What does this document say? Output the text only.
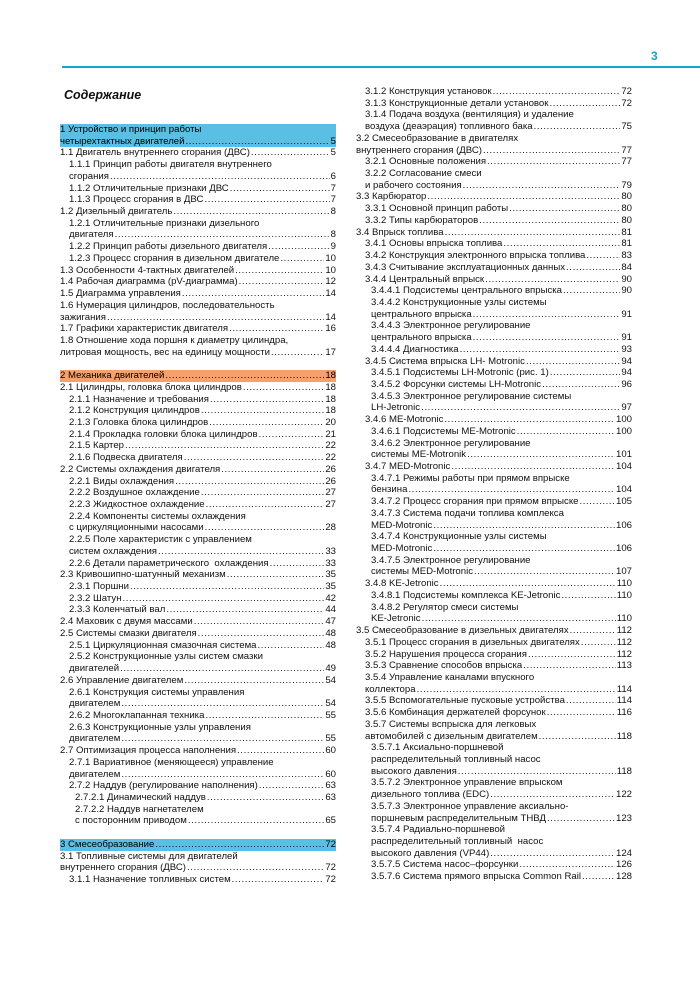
3
Содержание
1 Устройство и принцип работы
четырехтактных двигателей .....	5
1.1 Двигатель внутреннего сгорания (ДВС) .....	5
1.1.1 Принцип работы двигателя внутреннего
сгорания .....	6
1.1.2 Отличительные признаки ДВС .....	7
1.1.3 Процесс сгорания в ДВС .....	7
1.2 Дизельный двигатель .....	8
1.2.1 Отличительные признаки дизельного
двигателя .....	8
1.2.2 Принцип работы дизельного двигателя .....	9
1.2.3 Процесс сгорания в дизельном двигателе .....	10
1.3 Особенности 4-тактных двигателей .....	10
1.4 Рабочая диаграмма (pV-диаграмма) .....	12
1.5 Диаграмма управления .....	14
1.6 Нумерация цилиндров, последовательность
зажигания .....	14
1.7 Графики характеристик двигателя .....	16
1.8 Отношение хода поршня к диаметру цилиндра,
литровая мощность, вес на единицу мощности .....	17
2 Механика двигателей .....	18
2.1 Цилиндры, головка блока цилиндров .....	18
2.1.1 Назначение и требования .....	18
2.1.2 Конструкция цилиндров .....	18
2.1.3 Головка блока цилиндров .....	20
2.1.4 Прокладка головки блока цилиндров .....	21
2.1.5 Картер .....	22
2.1.6 Подвеска двигателя .....	22
2.2 Системы охлаждения двигателя .....	26
2.2.1 Виды охлаждения .....	26
2.2.2 Воздушное охлаждение .....	27
2.2.3 Жидкостное охлаждение .....	27
2.2.4 Компоненты системы охлаждения
с циркуляционными насосами .....	28
2.2.5 Поле характеристик с управлением
систем охлаждения .....	33
2.2.6 Детали параметрического  охлаждения .....	33
2.3 Кривошипно-шатунный механизм .....	35
2.3.1 Поршни .....	35
2.3.2 Шатун .....	42
2.3.3 Коленчатый вал .....	44
2.4 Маховик с двумя массами .....	47
2.5 Системы смазки двигателя .....	48
2.5.1 Циркуляционная смазочная система .....	48
2.5.2 Конструкционные узлы систем смазки
двигателей .....	49
2.6 Управление двигателем .....	54
2.6.1 Конструкция системы управления
двигателем .....	54
2.6.2 Многоклапанная техника .....	55
2.6.3 Конструкционные узлы управления
двигателем .....	55
2.7 Оптимизация процесса наполнения .....	60
2.7.1 Вариативное (меняющееся) управление
двигателем .....	60
2.7.2 Наддув (регулирование наполнения) .....	63
2.7.2.1 Динамический наддув .....	63
2.7.2.2 Наддув нагнетателем
с посторонним приводом .....	65
3 Смесеобразование .....	72
3.1 Топливные системы для двигателей
внутреннего сгорания (ДВС) .....	72
3.1.1 Назначение топливных систем .....	72
3.1.2 Конструкция установок .....	72
3.1.3 Конструкционные детали установок .....	72
3.1.4 Подача воздуха (вентиляция) и удаление
воздуха (деаэрация) топливного бака .....	75
3.2 Смесеобразование в двигателях
внутреннего сгорания (ДВС) .....	77
3.2.1 Основные положения .....	77
3.2.2 Согласование смеси
и рабочего состояния .....	79
3.3 Карбюратор .....	80
3.3.1 Основной принцип работы .....	80
3.3.2 Типы карбюраторов .....	80
3.4 Впрыск топлива .....	81
3.4.1 Основы впрыска топлива .....	81
3.4.2 Конструкция электронного впрыска топлива .....	83
3.4.3 Считывание эксплуатационных данных .....	84
3.4.4 Центральный впрыск .....	90
3.4.4.1 Подсистемы центрального впрыска .....	90
3.4.4.2 Конструкционные узлы системы
центрального впрыска .....	91
3.4.4.3 Электронное регулирование
центрального впрыска .....	91
3.4.4.4 Диагностика .....	93
3.4.5 Система впрыска LH- Motronic .....	94
3.4.5.1 Подсистемы LH-Motronic (рис. 1) .....	94
3.4.5.2 Форсунки системы LH-Motronic .....	96
3.4.5.3 Электронное регулирование системы
LH-Jetronic .....	97
3.4.6 ME-Motronic .....	100
3.4.6.1 Подсистемы ME-Motronic .....	100
3.4.6.2 Электронное регулирование
системы ME-Motronik .....	101
3.4.7 MED-Motronic .....	104
3.4.7.1 Режимы работы при прямом впрыске
бензина .....	104
3.4.7.2 Процесс сгорания при прямом впрыске .....	105
3.4.7.3 Система подачи топлива комплекса
MED-Motronic .....	106
3.4.7.4 Конструкционные узлы системы
MED-Motronic .....	106
3.4.7.5 Электронное регулирование
системы MED-Motronic .....	107
3.4.8 KE-Jetronic .....	110
3.4.8.1 Подсистемы комплекса KE-Jetronic .....	110
3.4.8.2 Регулятор смеси системы
KE-Jetronic .....	110
3.5 Смесеобразование в дизельных двигателях .....	112
3.5.1 Процесс сгорания в дизельных двигателях .....	112
3.5.2 Нарушения процесса сгорания .....	112
3.5.3 Сравнение способов впрыска .....	113
3.5.4 Управление каналами впускного
коллектора .....	114
3.5.5 Вспомогательные пусковые устройства .....	114
3.5.6 Комбинация держателей форсунок .....	116
3.5.7 Системы вспрыска для легковых
автомобилей с дизельным двигателем .....	118
3.5.7.1 Аксиально-поршневой
распределительный топливный насос
высокого давления .....	118
3.5.7.2 Электронное управление впрыском
дизельного топлива (EDC) .....	122
3.5.7.3 Электронное управление аксиально-
поршневым распределительным ТНВД .....	123
3.5.7.4 Радиально-поршневой
распределительный топливный  насос
высокого давления (VP44) .....	124
3.5.7.5 Система насос–форсунки .....	126
3.5.7.6 Система прямого впрыска Common Rail .....	128
